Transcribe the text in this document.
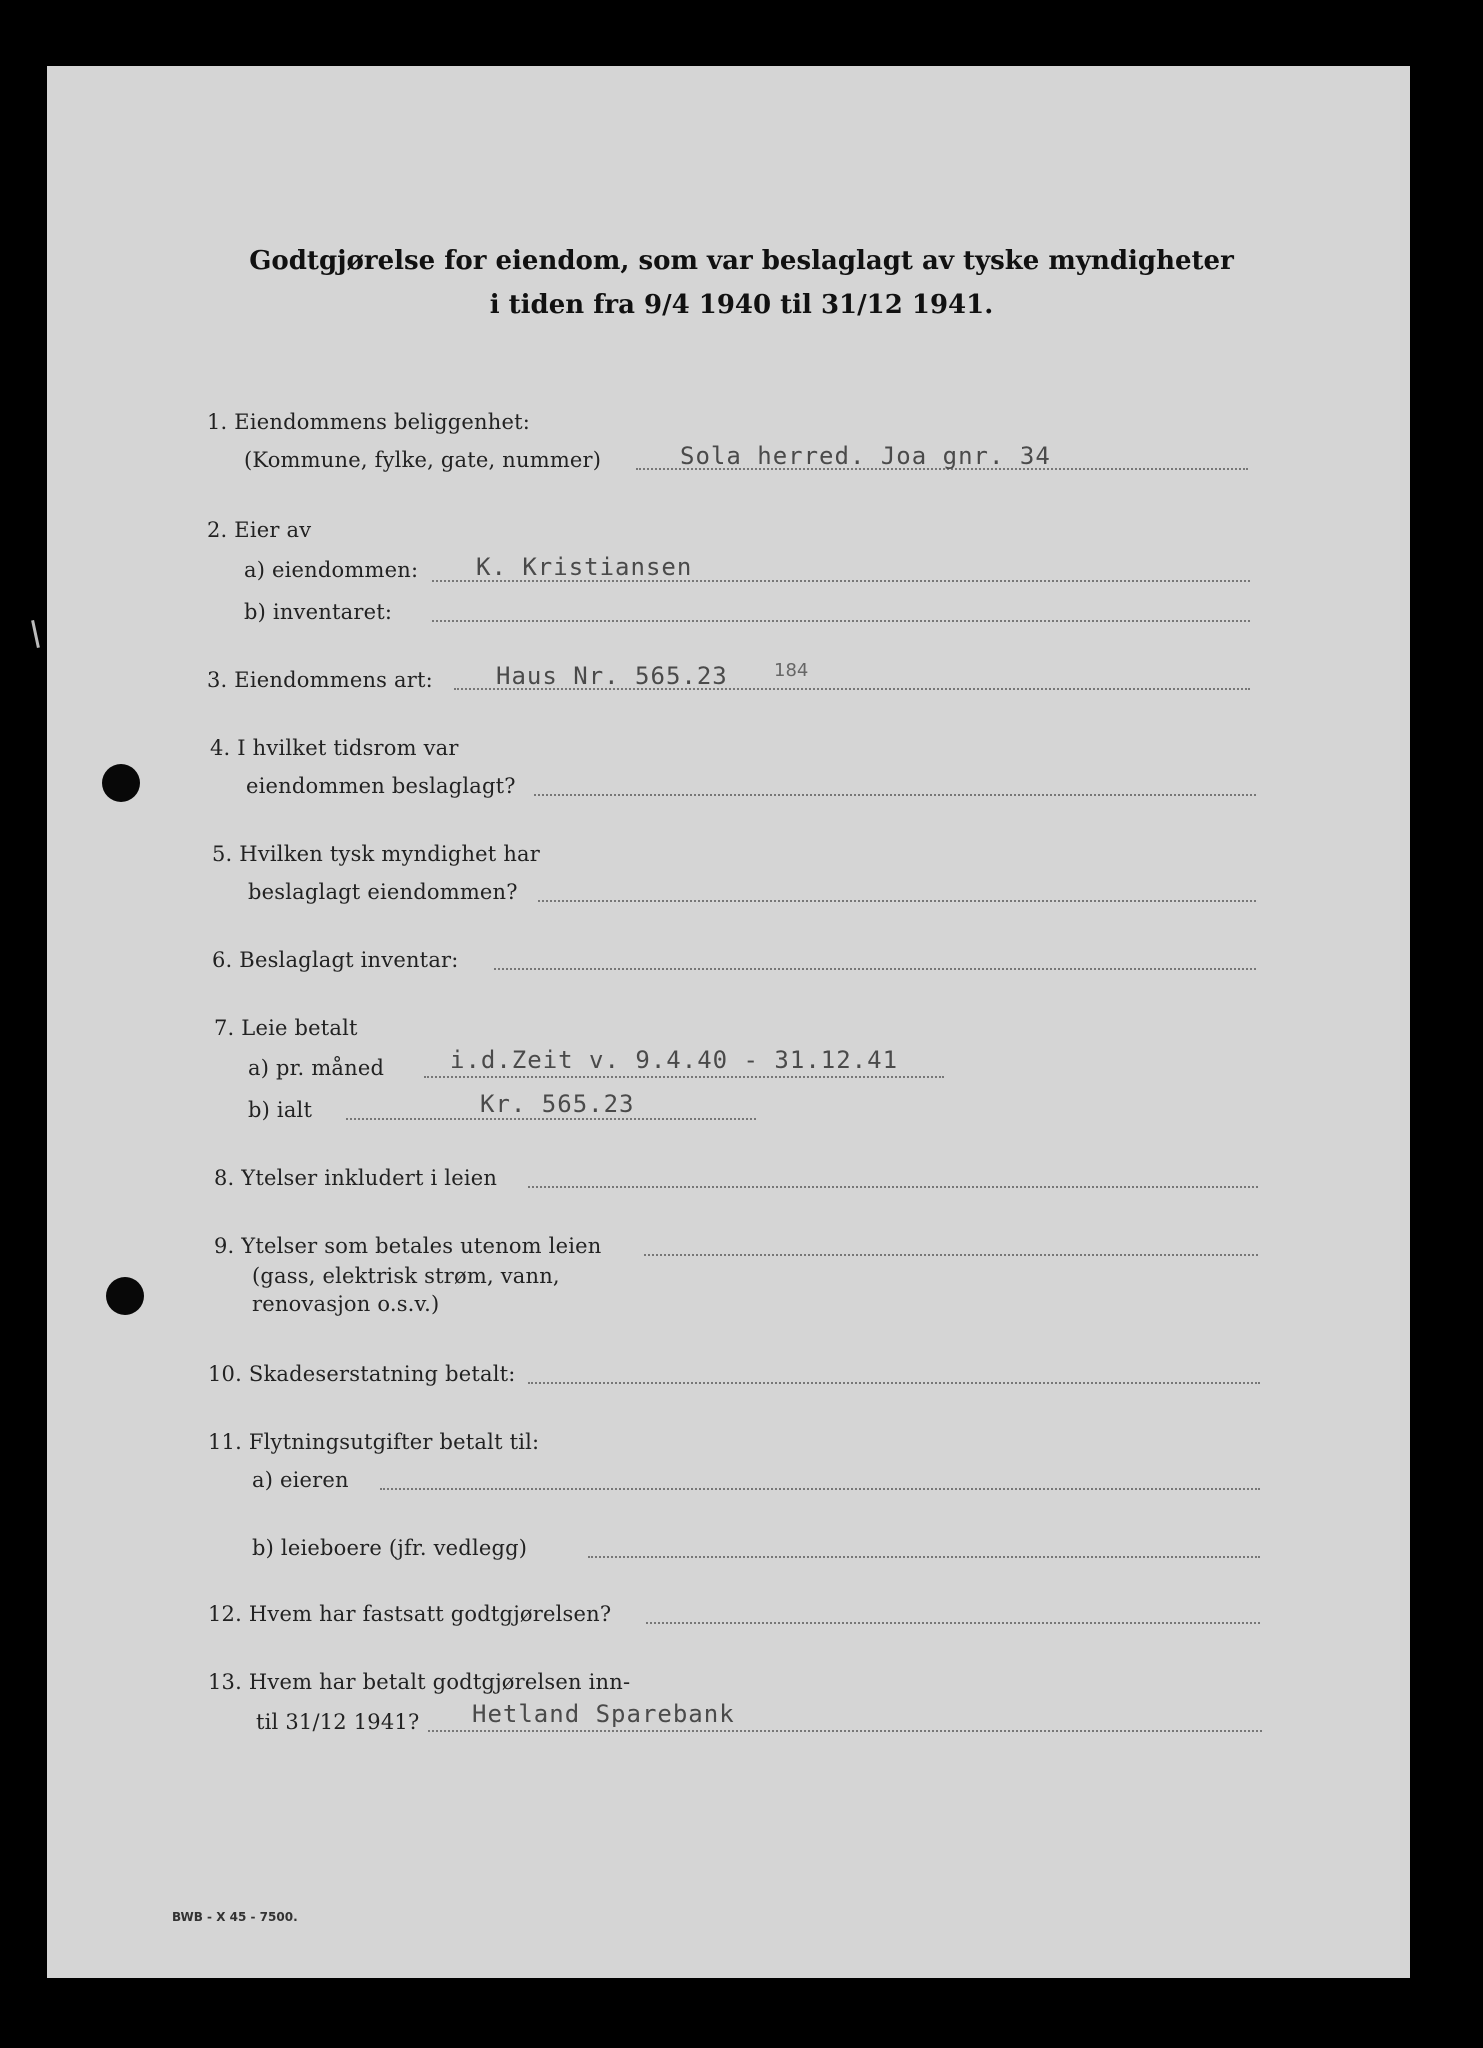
Godtgjørelse for eiendom, som var beslaglagt av tyske myndigheter
i tiden fra 9/4 1940 til 31/12 1941.
1. Eiendommens beliggenhet:
(Kommune, fylke, gate, nummer)	Sola herred. Joa gnr. 34
2. Eier av
a) eiendommen: K. Kristiansen
b) inventaret:
3. Eiendommens art:	Haus Nr. 565.23	184
4. I hvilket tidsrom var
eiendommen beslaglagt?
5. Hvilken tysk myndighet har
beslaglagt eiendommen?
6. Beslaglagt inventar:
7. Leie betalt
a) pr. måned	i.d.Zeit v. 9.4.40 - 31.12.41
b) ialt	Kr. 565.23
8. Ytelser inkludert i leien
9. Ytelser som betales utenom leien
(gass, elektrisk strøm, vann,
renovasjon o.s.v.)
10. Skadeserstatning betalt:
11. Flytningsutgifter betalt til:
a) eieren
b) leieboere (jfr. vedlegg)
12. Hvem har fastsatt godtgjørelsen?
13. Hvem har betalt godtgjørelsen inn-
til 31/12 1941? Hetland Sparebank
BWB - X 45 - 7500.
